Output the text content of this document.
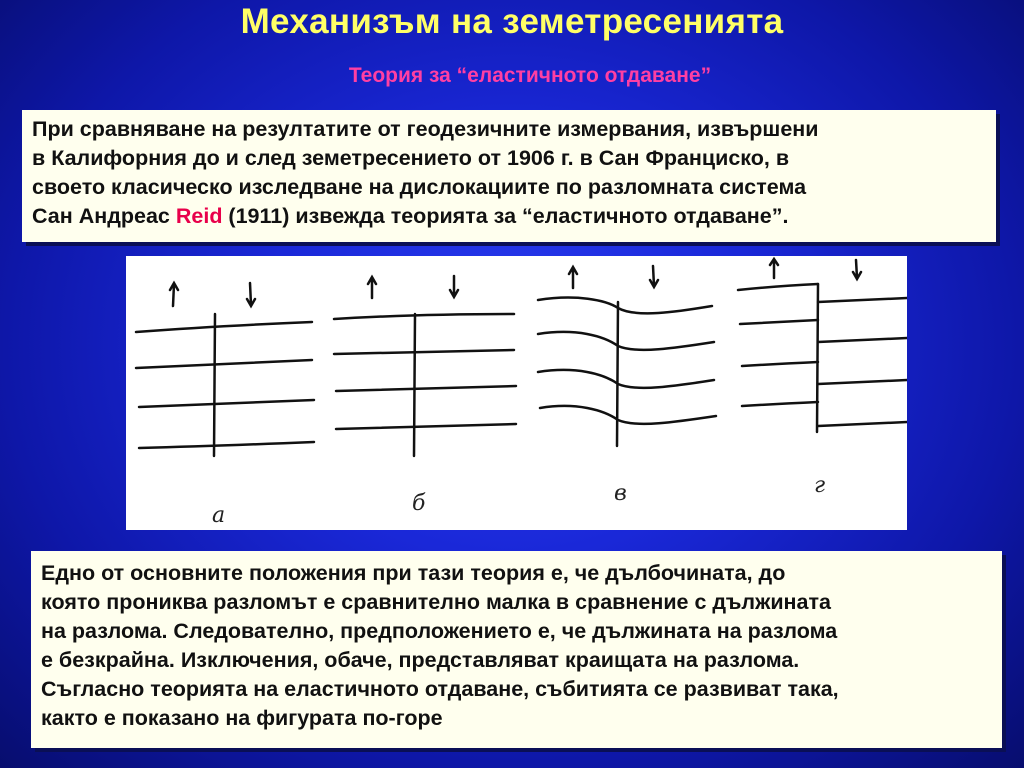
Механизъм на земетресенията
Теория за “еластичното отдаване”
При сравняване на резултатите от геодезичните измервания, извършени
в Калифорния до и след земетресението от 1906 г. в Сан Франциско, в
своето класическо изследване на дислокациите по разломната система
Сан Андреас Reid (1911) извежда теорията за “еластичното отдаване”.
а	б	в	г
Едно от основните положения при тази теория е, че дълбочината, до
която прониква разломът е сравнително малка в сравнение с дължината
на разлома. Следователно, предположението е, че дължината на разлома
е безкрайна. Изключения, обаче, представляват краищата на разлома.
Съгласно теорията на еластичното отдаване, събитията се развиват така,
както е показано на фигурата по-горе
